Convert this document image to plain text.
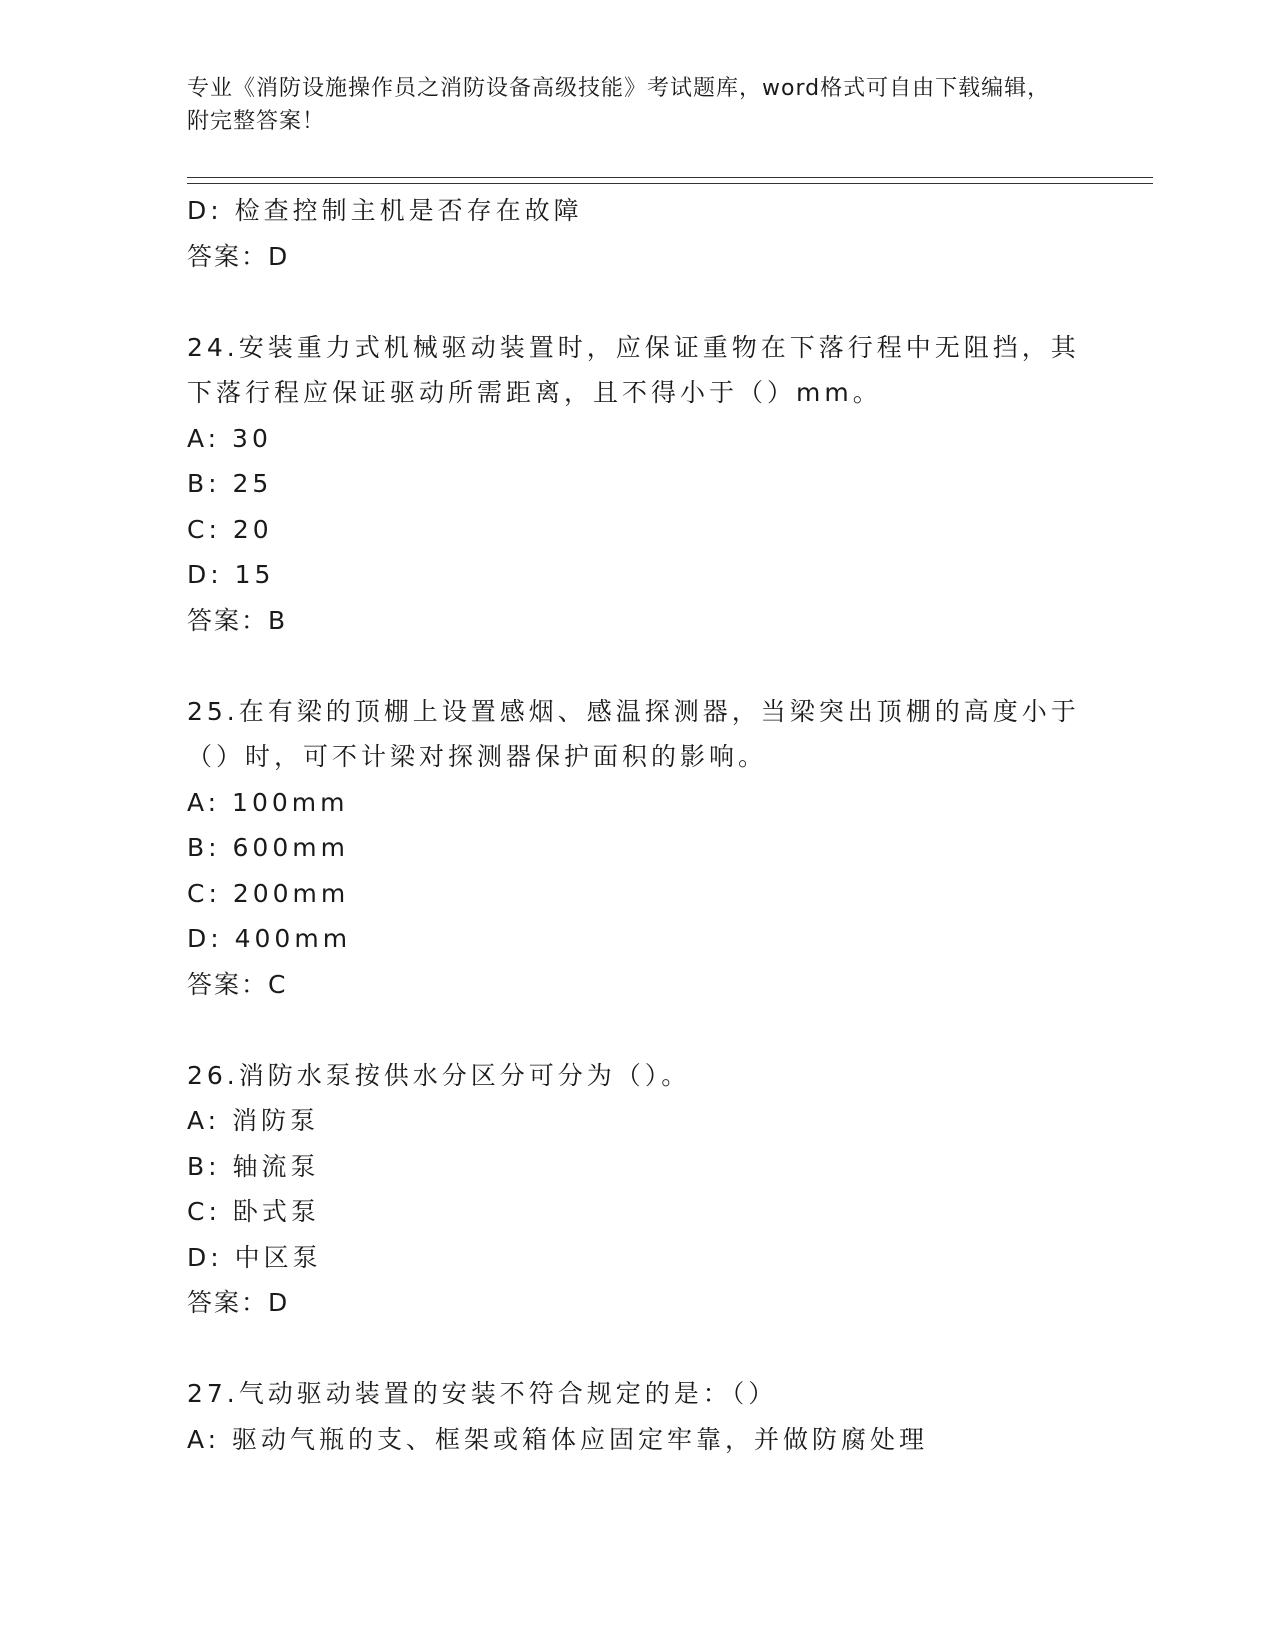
专业《消防设施操作员之消防设备高级技能》考试题库，word格式可自由下载编辑，附完整答案！
D: 检查控制主机是否存在故障
答案：D
24.安装重力式机械驱动装置时，应保证重物在下落行程中无阻挡，其下落行程应保证驱动所需距离，且不得小于（）mm。
A: 30
B: 25
C: 20
D: 15
答案：B
25.在有梁的顶棚上设置感烟、感温探测器，当梁突出顶棚的高度小于（）时，可不计梁对探测器保护面积的影响。
A: 100mm
B: 600mm
C: 200mm
D: 400mm
答案：C
26.消防水泵按供水分区分可分为（）。
A: 消防泵
B: 轴流泵
C: 卧式泵
D: 中区泵
答案：D
27.气动驱动装置的安装不符合规定的是：（）
A: 驱动气瓶的支、框架或箱体应固定牢靠，并做防腐处理
